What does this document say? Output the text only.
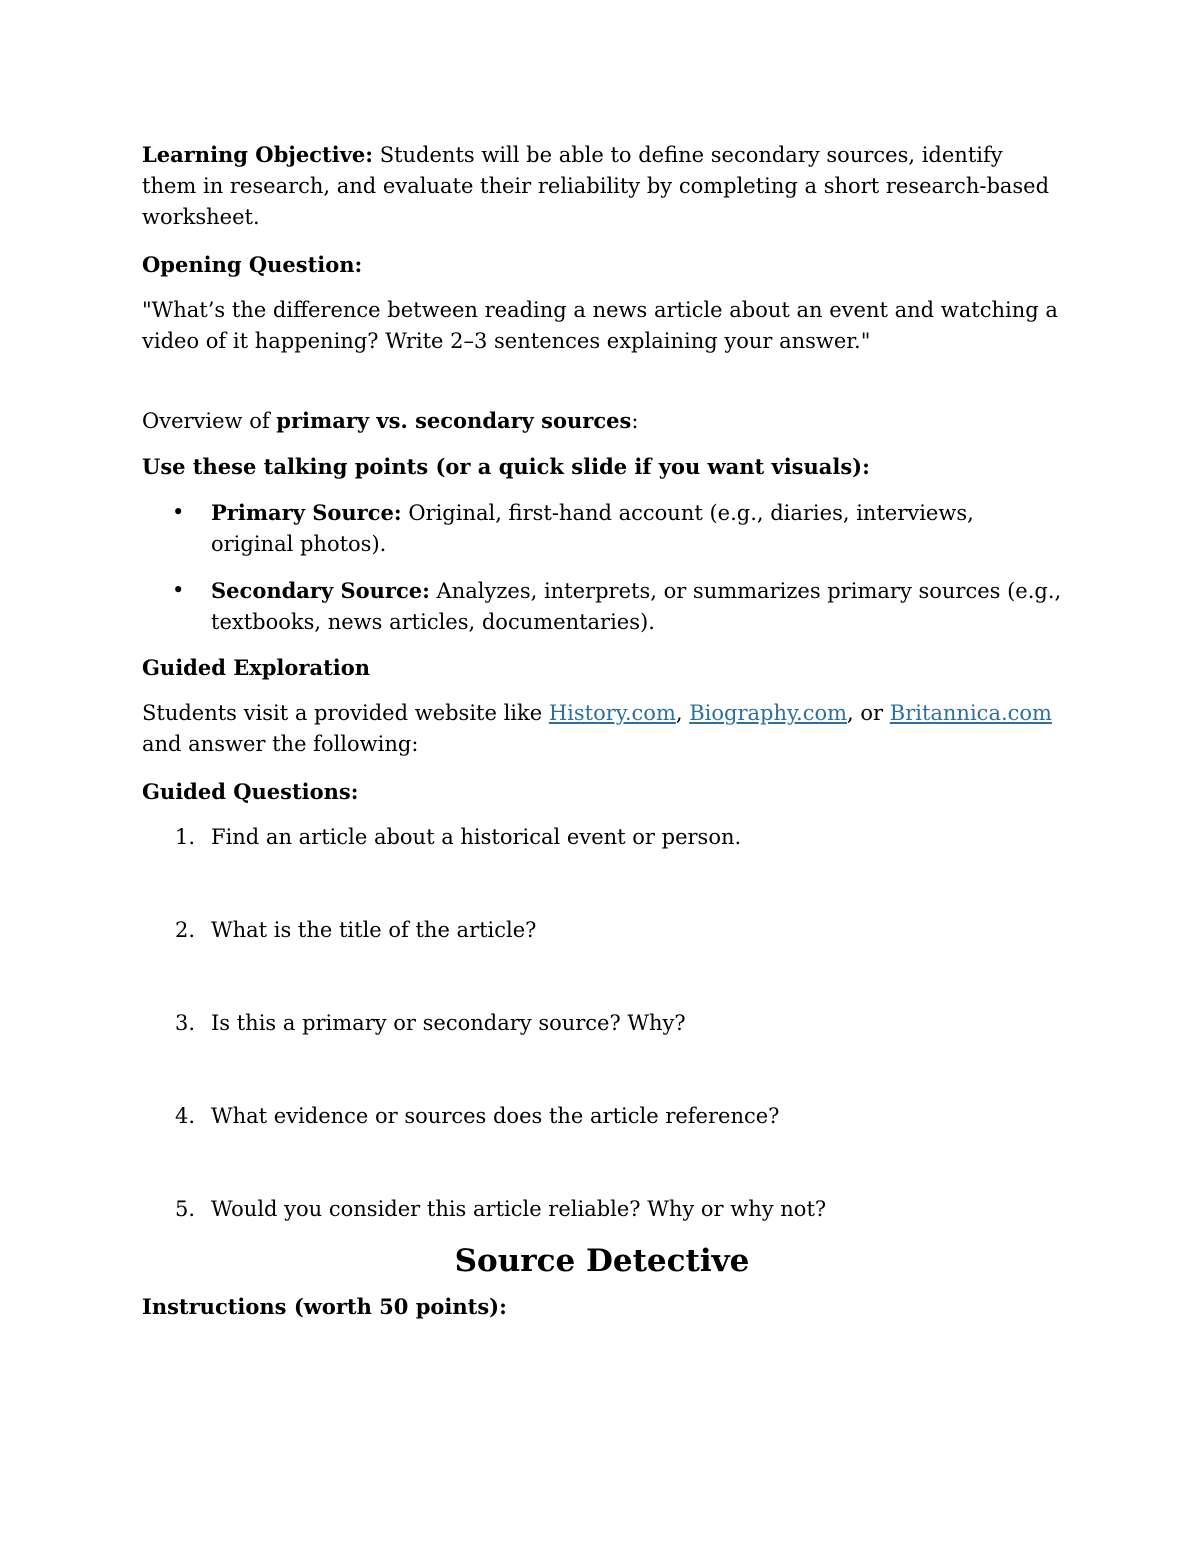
Learning Objective: Students will be able to define secondary sources, identify them in research, and evaluate their reliability by completing a short research-based worksheet.

Opening Question:

"What’s the difference between reading a news article about an event and watching a video of it happening? Write 2–3 sentences explaining your answer."

Overview of primary vs. secondary sources:

Use these talking points (or a quick slide if you want visuals):

• Primary Source: Original, first-hand account (e.g., diaries, interviews, original photos).
• Secondary Source: Analyzes, interprets, or summarizes primary sources (e.g., textbooks, news articles, documentaries).

Guided Exploration

Students visit a provided website like History.com, Biography.com, or Britannica.com and answer the following:

Guided Questions:

1. Find an article about a historical event or person.
2. What is the title of the article?
3. Is this a primary or secondary source? Why?
4. What evidence or sources does the article reference?
5. Would you consider this article reliable? Why or why not?

Source Detective

Instructions (worth 50 points):
